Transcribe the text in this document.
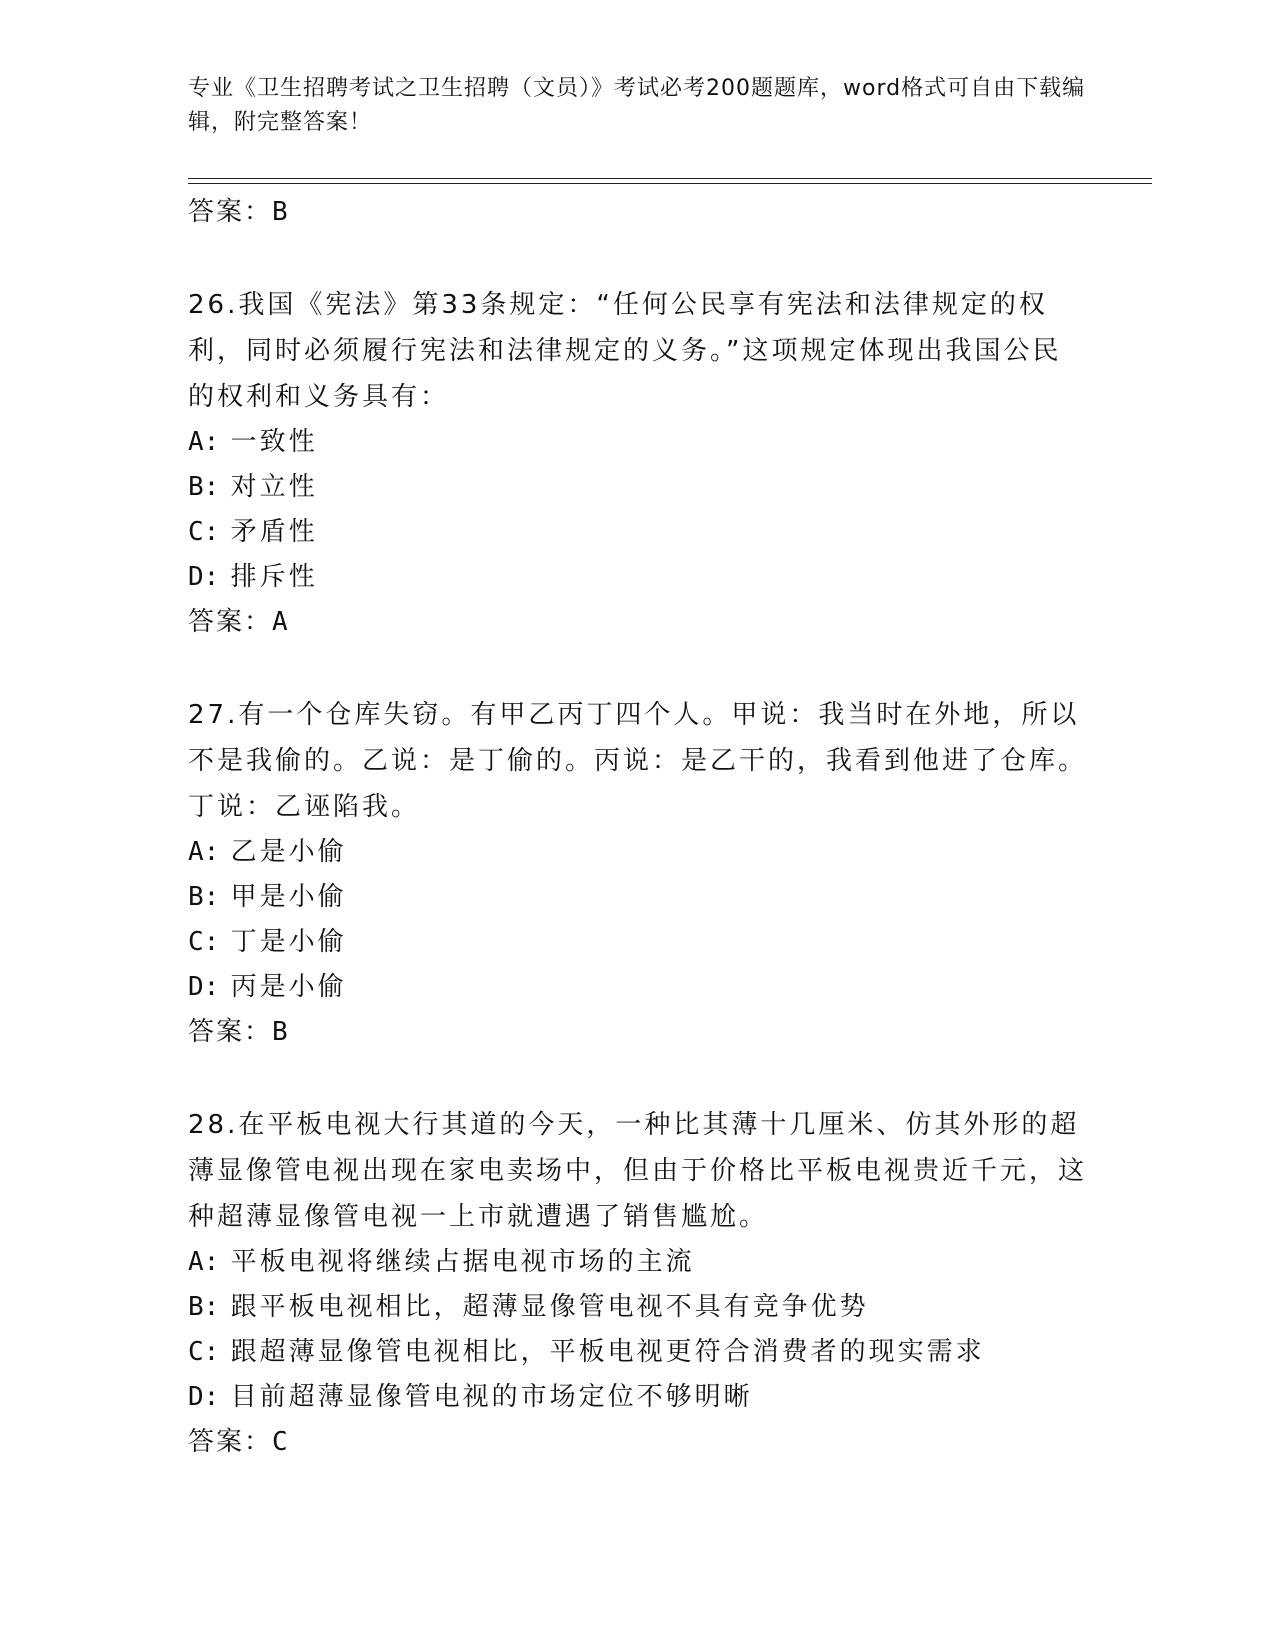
专业《卫生招聘考试之卫生招聘（文员）》考试必考200题题库，word格式可自由下载编辑，附完整答案！
答案：B
26.我国《宪法》第33条规定：“任何公民享有宪法和法律规定的权利，同时必须履行宪法和法律规定的义务。”这项规定体现出我国公民的权利和义务具有：
A: 一致性
B: 对立性
C: 矛盾性
D: 排斥性
答案：A
27.有一个仓库失窃。有甲乙丙丁四个人。甲说：我当时在外地，所以不是我偷的。乙说：是丁偷的。丙说：是乙干的，我看到他进了仓库。丁说：乙诬陷我。
A: 乙是小偷
B: 甲是小偷
C: 丁是小偷
D: 丙是小偷
答案：B
28.在平板电视大行其道的今天，一种比其薄十几厘米、仿其外形的超薄显像管电视出现在家电卖场中，但由于价格比平板电视贵近千元，这种超薄显像管电视一上市就遭遇了销售尴尬。
A: 平板电视将继续占据电视市场的主流
B: 跟平板电视相比，超薄显像管电视不具有竞争优势
C: 跟超薄显像管电视相比，平板电视更符合消费者的现实需求
D: 目前超薄显像管电视的市场定位不够明晰
答案：C
